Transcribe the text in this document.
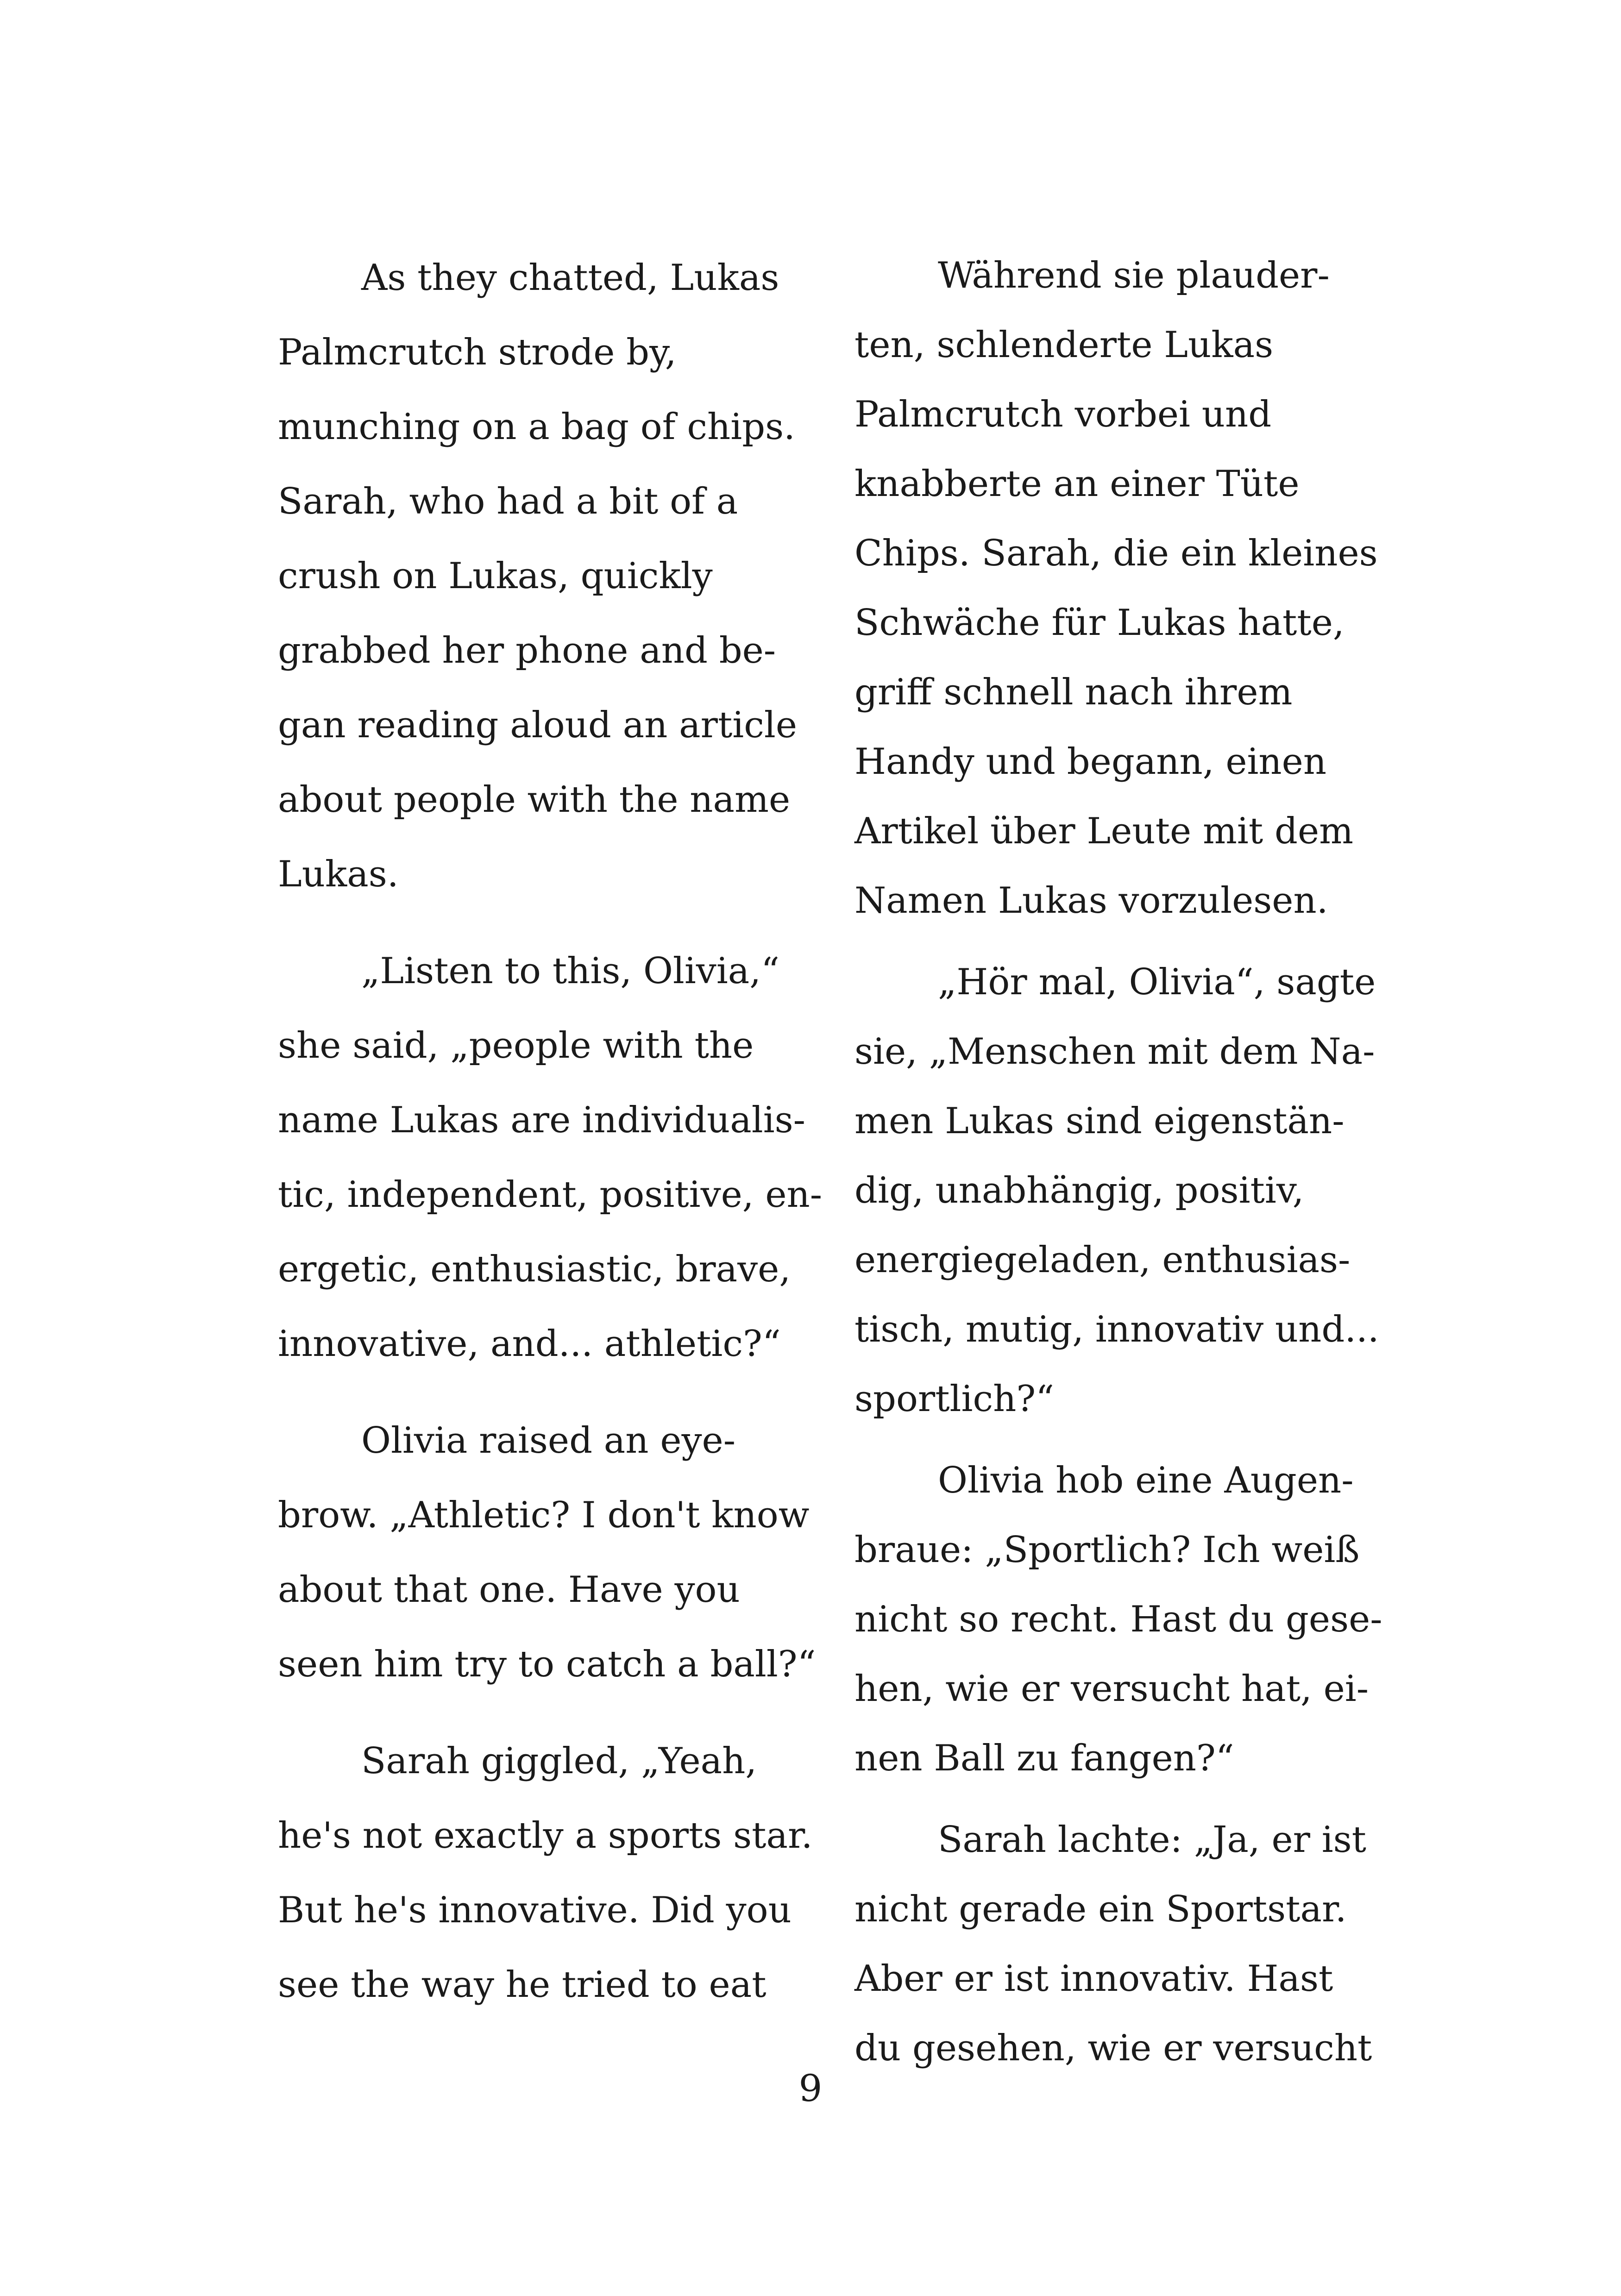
As they chatted, Lukas
Palmcrutch strode by,
munching on a bag of chips.
Sarah, who had a bit of a
crush on Lukas, quickly
grabbed her phone and be-
gan reading aloud an article
about people with the name
Lukas.
„Listen to this, Olivia,“
she said, „people with the
name Lukas are individualis-
tic, independent, positive, en-
ergetic, enthusiastic, brave,
innovative, and... athletic?“
Olivia raised an eye-
brow. „Athletic? I don't know
about that one. Have you
seen him try to catch a ball?“
Sarah giggled, „Yeah,
he's not exactly a sports star.
But he's innovative. Did you
see the way he tried to eat
Während sie plauder-
ten, schlenderte Lukas
Palmcrutch vorbei und
knabberte an einer Tüte
Chips. Sarah, die ein kleines
Schwäche für Lukas hatte,
griff schnell nach ihrem
Handy und begann, einen
Artikel über Leute mit dem
Namen Lukas vorzulesen.
„Hör mal, Olivia“, sagte
sie, „Menschen mit dem Na-
men Lukas sind eigenstän-
dig, unabhängig, positiv,
energiegeladen, enthusias-
tisch, mutig, innovativ und...
sportlich?“
Olivia hob eine Augen-
braue: „Sportlich? Ich weiß
nicht so recht. Hast du gese-
hen, wie er versucht hat, ei-
nen Ball zu fangen?“
Sarah lachte: „Ja, er ist
nicht gerade ein Sportstar.
Aber er ist innovativ. Hast
du gesehen, wie er versucht
9
